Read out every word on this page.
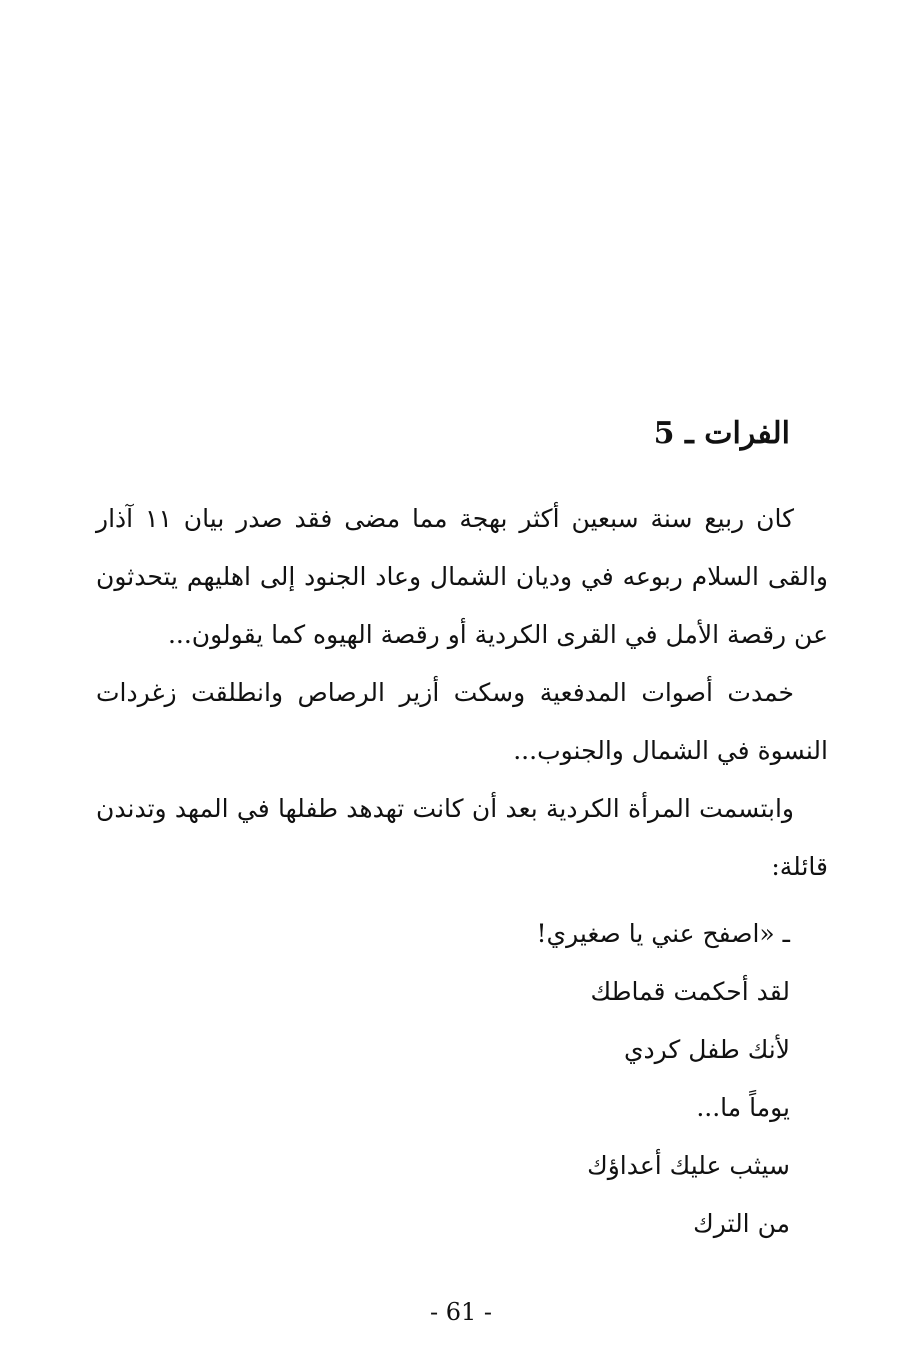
الفرات ـ 5

كان ربيع سنة سبعين أكثر بهجة مما مضى فقد صدر بيان ١١ آذار والقى السلام ربوعه في وديان الشمال وعاد الجنود إلى اهليهم يتحدثون عن رقصة الأمل في القرى الكردية أو رقصة الهيوه كما يقولون...

خمدت أصوات المدفعية وسكت أزير الرصاص وانطلقت زغردات النسوة في الشمال والجنوب...

وابتسمت المرأة الكردية بعد أن كانت تهدهد طفلها في المهد وتدندن قائلة:

ـ «اصفح عني يا صغيري!
لقد أحكمت قماطك
لأنك طفل كردي
يوماً ما...
سيثب عليك أعداؤك
من الترك
- 61 -
